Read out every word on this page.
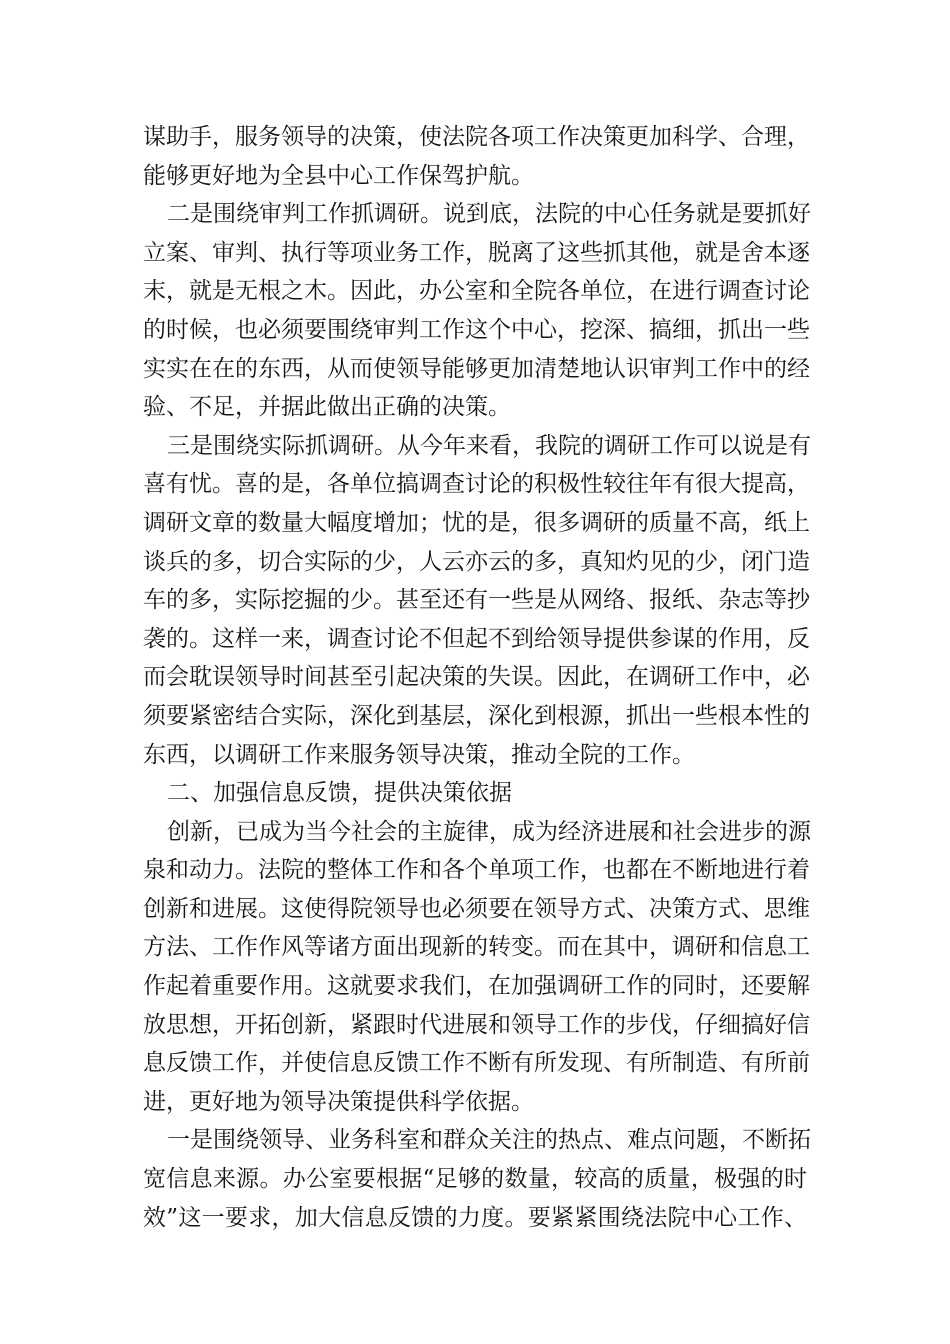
谋助手，服务领导的决策，使法院各项工作决策更加科学、合理，
能够更好地为全县中心工作保驾护航。
二是围绕审判工作抓调研。说到底，法院的中心任务就是要抓好
立案、审判、执行等项业务工作，脱离了这些抓其他，就是舍本逐
末，就是无根之木。因此，办公室和全院各单位，在进行调查讨论
的时候，也必须要围绕审判工作这个中心，挖深、搞细，抓出一些
实实在在的东西，从而使领导能够更加清楚地认识审判工作中的经
验、不足，并据此做出正确的决策。
三是围绕实际抓调研。从今年来看，我院的调研工作可以说是有
喜有忧。喜的是，各单位搞调查讨论的积极性较往年有很大提高，
调研文章的数量大幅度增加；忧的是，很多调研的质量不高，纸上
谈兵的多，切合实际的少，人云亦云的多，真知灼见的少，闭门造
车的多，实际挖掘的少。甚至还有一些是从网络、报纸、杂志等抄
袭的。这样一来，调查讨论不但起不到给领导提供参谋的作用，反
而会耽误领导时间甚至引起决策的失误。因此，在调研工作中，必
须要紧密结合实际，深化到基层，深化到根源，抓出一些根本性的
东西，以调研工作来服务领导决策，推动全院的工作。
二、加强信息反馈，提供决策依据
创新，已成为当今社会的主旋律，成为经济进展和社会进步的源
泉和动力。法院的整体工作和各个单项工作，也都在不断地进行着
创新和进展。这使得院领导也必须要在领导方式、决策方式、思维
方法、工作作风等诸方面出现新的转变。而在其中，调研和信息工
作起着重要作用。这就要求我们，在加强调研工作的同时，还要解
放思想，开拓创新，紧跟时代进展和领导工作的步伐，仔细搞好信
息反馈工作，并使信息反馈工作不断有所发现、有所制造、有所前
进，更好地为领导决策提供科学依据。
一是围绕领导、业务科室和群众关注的热点、难点问题，不断拓
宽信息来源。办公室要根据“足够的数量，较高的质量，极强的时
效”这一要求，加大信息反馈的力度。要紧紧围绕法院中心工作、
